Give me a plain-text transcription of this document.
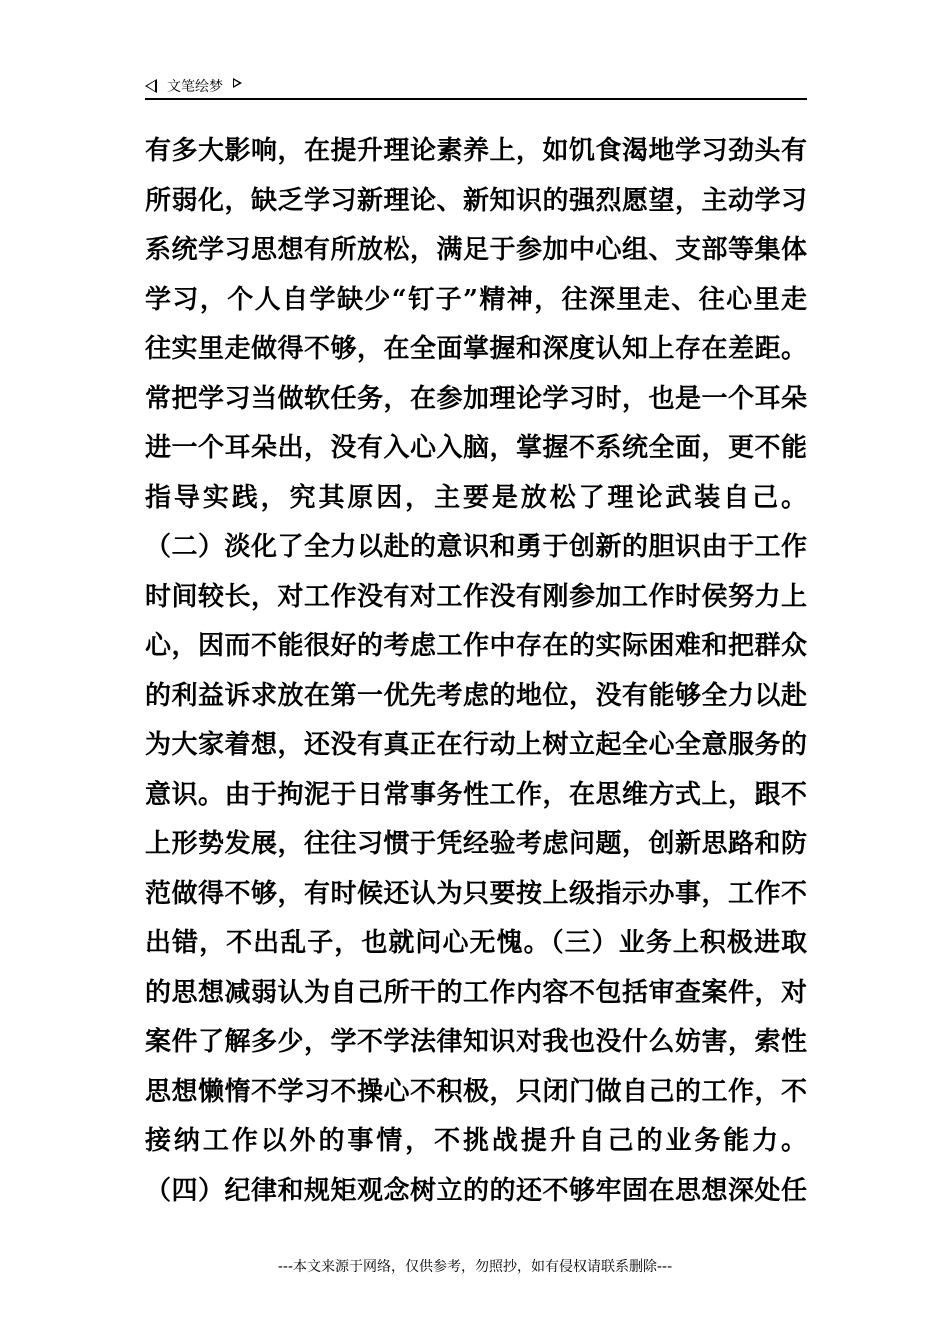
文笔绘梦
有多大影响，在提升理论素养上，如饥食渴地学习劲头有
所弱化，缺乏学习新理论、新知识的强烈愿望，主动学习
系统学习思想有所放松，满足于参加中心组、支部等集体
学习，个人自学缺少“钉子”精神，往深里走、往心里走
往实里走做得不够，在全面掌握和深度认知上存在差距。
常把学习当做软任务，在参加理论学习时，也是一个耳朵
进一个耳朵出，没有入心入脑，掌握不系统全面，更不能
指导实践，究其原因，主要是放松了理论武装自己。
（二）淡化了全力以赴的意识和勇于创新的胆识由于工作
时间较长，对工作没有对工作没有刚参加工作时侯努力上
心，因而不能很好的考虑工作中存在的实际困难和把群众
的利益诉求放在第一优先考虑的地位，没有能够全力以赴
为大家着想，还没有真正在行动上树立起全心全意服务的
意识。由于拘泥于日常事务性工作，在思维方式上，跟不
上形势发展，往往习惯于凭经验考虑问题，创新思路和防
范做得不够，有时候还认为只要按上级指示办事，工作不
出错，不出乱子，也就问心无愧。（三）业务上积极进取
的思想减弱认为自己所干的工作内容不包括审查案件，对
案件了解多少，学不学法律知识对我也没什么妨害，索性
思想懒惰不学习不操心不积极，只闭门做自己的工作，不
接纳工作以外的事情，不挑战提升自己的业务能力。
（四）纪律和规矩观念树立的的还不够牢固在思想深处任
---本文来源于网络，仅供参考，勿照抄，如有侵权请联系删除---
